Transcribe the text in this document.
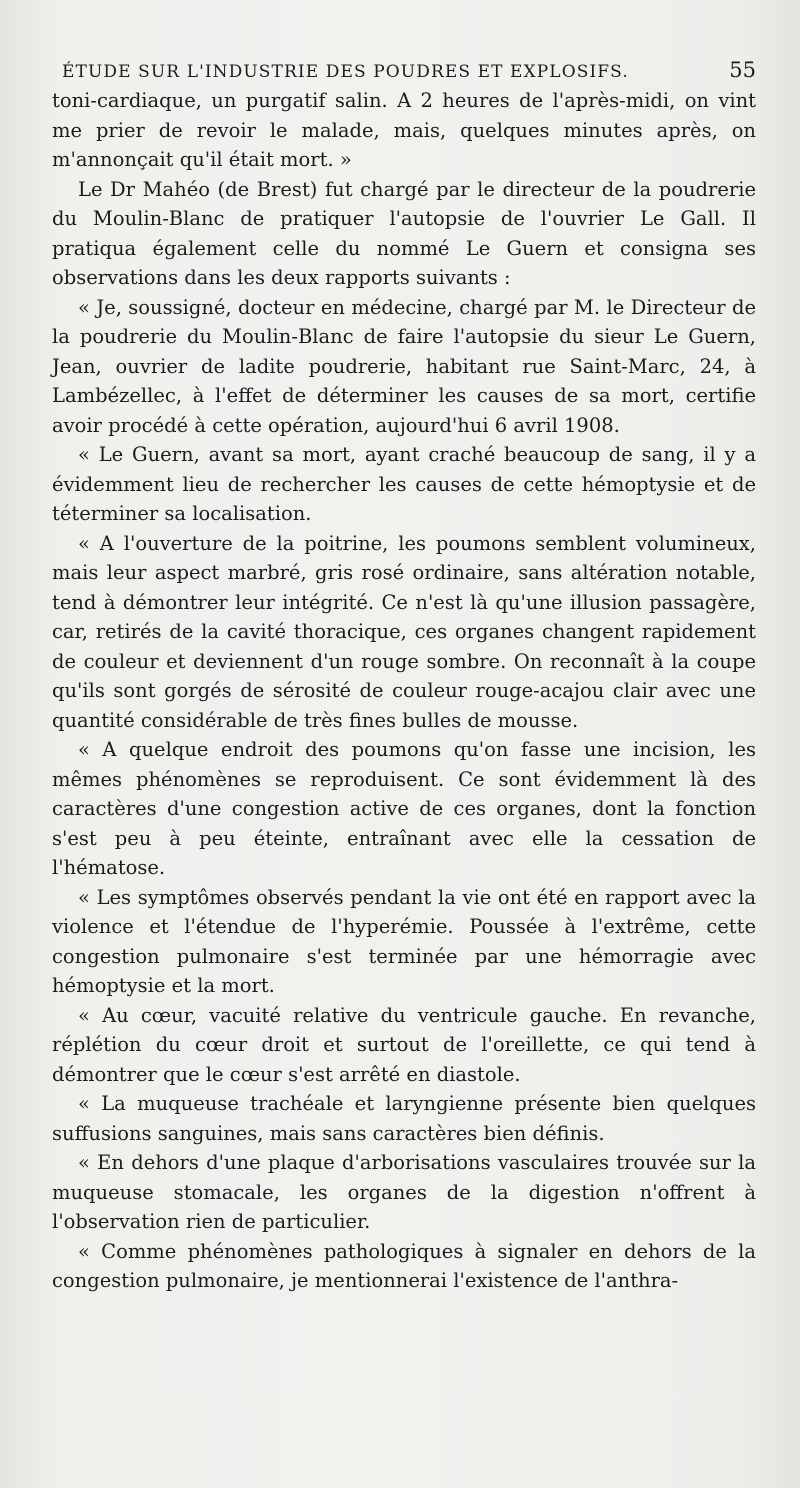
ÉTUDE SUR L'INDUSTRIE DES POUDRES ET EXPLOSIFS.	55

toni-cardiaque, un purgatif salin. A 2 heures de l'après-midi, on vint me prier de revoir le malade, mais, quelques minutes après, on m'annonçait qu'il était mort. »

Le Dr Mahéo (de Brest) fut chargé par le directeur de la poudrerie du Moulin-Blanc de pratiquer l'autopsie de l'ouvrier Le Gall. Il pratiqua également celle du nommé Le Guern et consigna ses observations dans les deux rapports suivants :

« Je, soussigné, docteur en médecine, chargé par M. le Directeur de la poudrerie du Moulin-Blanc de faire l'autopsie du sieur Le Guern, Jean, ouvrier de ladite poudrerie, habitant rue Saint-Marc, 24, à Lambézellec, à l'effet de déterminer les causes de sa mort, certifie avoir procédé à cette opération, aujourd'hui 6 avril 1908.

« Le Guern, avant sa mort, ayant craché beaucoup de sang, il y a évidemment lieu de rechercher les causes de cette hémoptysie et de téterminer sa localisation.

« A l'ouverture de la poitrine, les poumons semblent volumineux, mais leur aspect marbré, gris rosé ordinaire, sans altération notable, tend à démontrer leur intégrité. Ce n'est là qu'une illusion passagère, car, retirés de la cavité thoracique, ces organes changent rapidement de couleur et deviennent d'un rouge sombre. On reconnaît à la coupe qu'ils sont gorgés de sérosité de couleur rouge-acajou clair avec une quantité considérable de très fines bulles de mousse.

« A quelque endroit des poumons qu'on fasse une incision, les mêmes phénomènes se reproduisent. Ce sont évidemment là des caractères d'une congestion active de ces organes, dont la fonction s'est peu à peu éteinte, entraînant avec elle la cessation de l'hématose.

« Les symptômes observés pendant la vie ont été en rapport avec la violence et l'étendue de l'hyperémie. Poussée à l'extrême, cette congestion pulmonaire s'est terminée par une hémorragie avec hémoptysie et la mort.

« Au cœur, vacuité relative du ventricule gauche. En revanche, réplétion du cœur droit et surtout de l'oreillette, ce qui tend à démontrer que le cœur s'est arrêté en diastole.

« La muqueuse trachéale et laryngienne présente bien quelques suffusions sanguines, mais sans caractères bien définis.

« En dehors d'une plaque d'arborisations vasculaires trouvée sur la muqueuse stomacale, les organes de la digestion n'offrent à l'observation rien de particulier.

« Comme phénomènes pathologiques à signaler en dehors de la congestion pulmonaire, je mentionnerai l'existence de l'anthra-
